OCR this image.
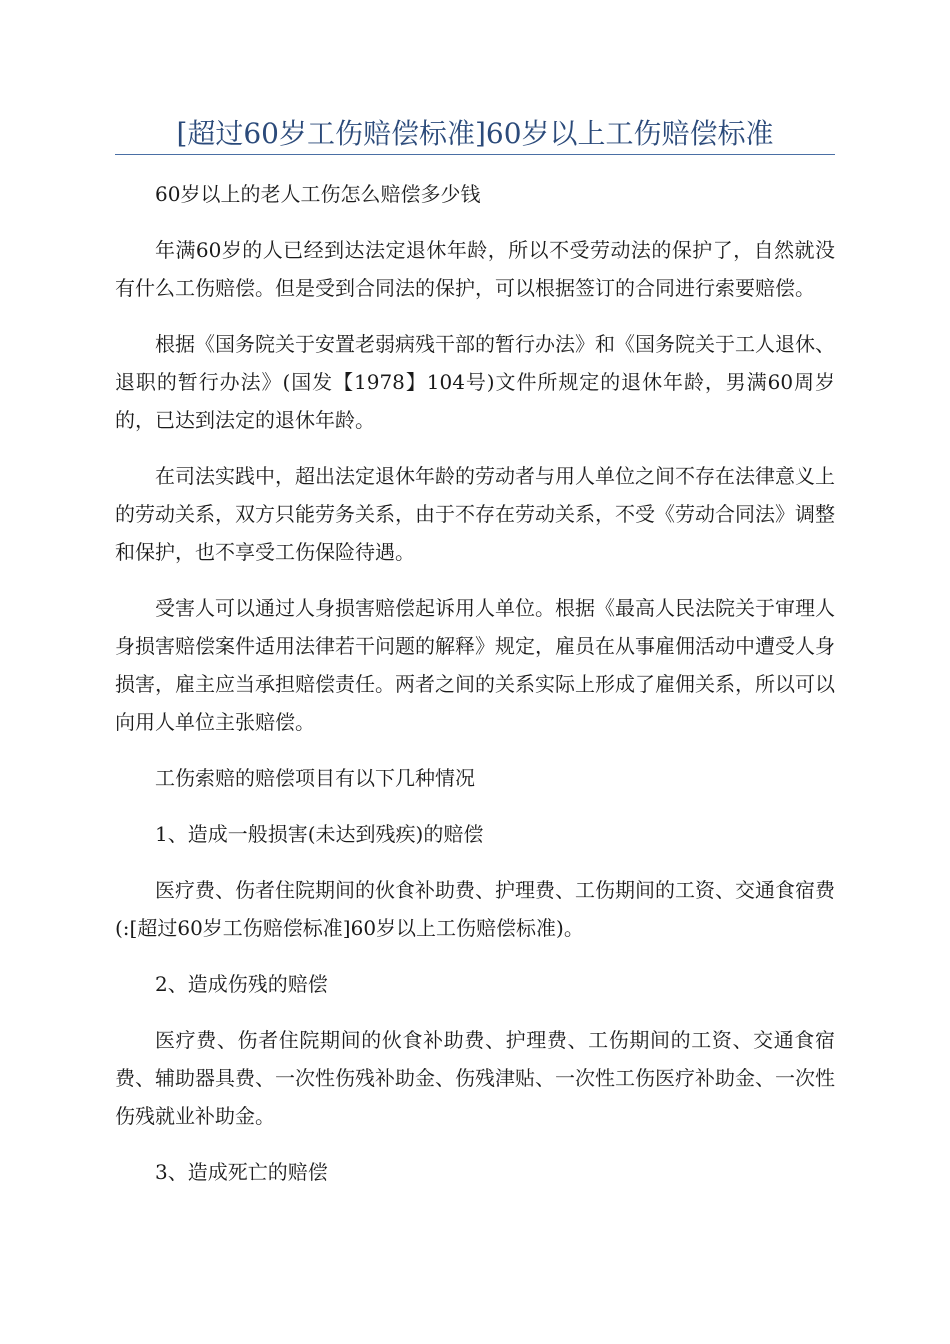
[超过60岁工伤赔偿标准]60岁以上工伤赔偿标准

60岁以上的老人工伤怎么赔偿多少钱

年满60岁的人已经到达法定退休年龄，所以不受劳动法的保护了，自然就没有什么工伤赔偿。但是受到合同法的保护，可以根据签订的合同进行索要赔偿。

根据《国务院关于安置老弱病残干部的暂行办法》和《国务院关于工人退休、退职的暂行办法》(国发【1978】104号)文件所规定的退休年龄，男满60周岁的，已达到法定的退休年龄。

在司法实践中，超出法定退休年龄的劳动者与用人单位之间不存在法律意义上的劳动关系，双方只能劳务关系，由于不存在劳动关系，不受《劳动合同法》调整和保护，也不享受工伤保险待遇。

受害人可以通过人身损害赔偿起诉用人单位。根据《最高人民法院关于审理人身损害赔偿案件适用法律若干问题的解释》规定，雇员在从事雇佣活动中遭受人身损害，雇主应当承担赔偿责任。两者之间的关系实际上形成了雇佣关系，所以可以向用人单位主张赔偿。

工伤索赔的赔偿项目有以下几种情况

1、造成一般损害(未达到残疾)的赔偿

医疗费、伤者住院期间的伙食补助费、护理费、工伤期间的工资、交通食宿费(:[超过60岁工伤赔偿标准]60岁以上工伤赔偿标准)。

2、造成伤残的赔偿

医疗费、伤者住院期间的伙食补助费、护理费、工伤期间的工资、交通食宿费、辅助器具费、一次性伤残补助金、伤残津贴、一次性工伤医疗补助金、一次性伤残就业补助金。

3、造成死亡的赔偿
